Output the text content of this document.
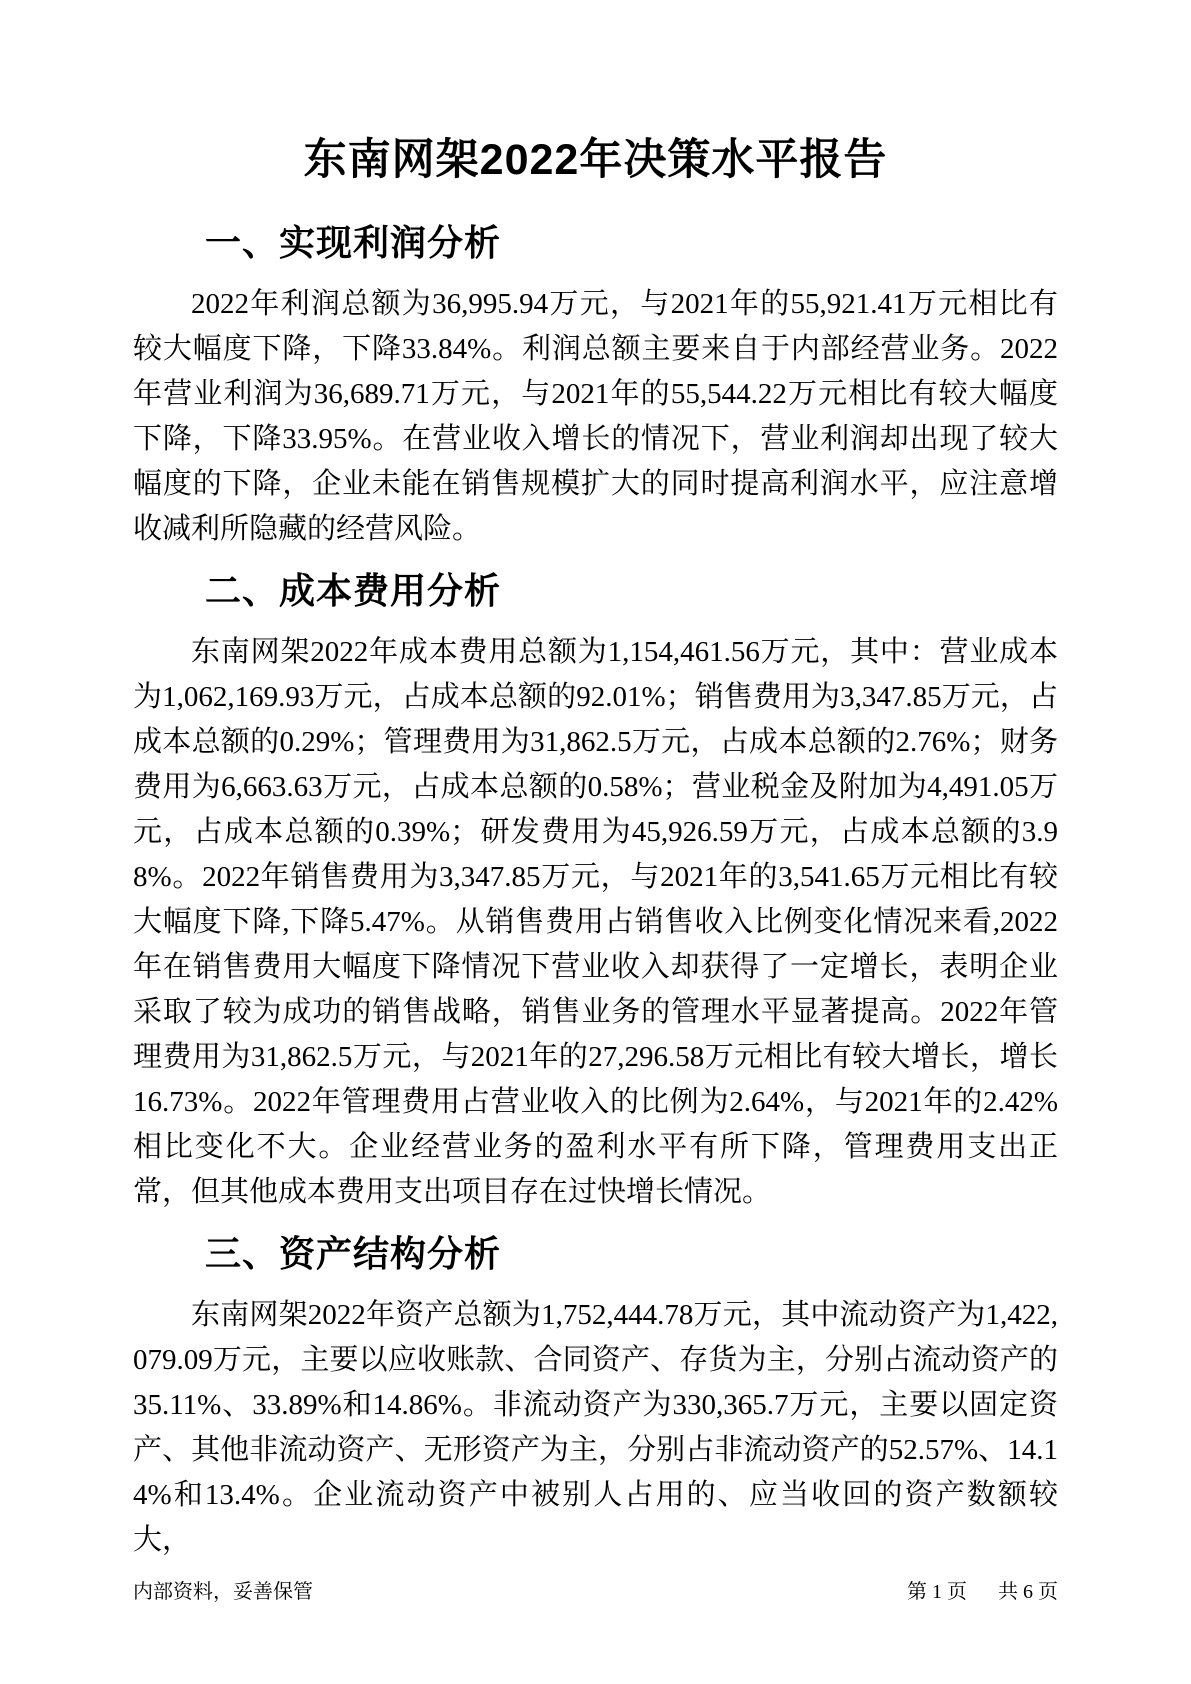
东南网架2022年决策水平报告
一、实现利润分析

2022年利润总额为36,995.94万元，与2021年的55,921.41万元相比有较大幅度下降，下降33.84%。利润总额主要来自于内部经营业务。2022年营业利润为36,689.71万元，与2021年的55,544.22万元相比有较大幅度下降，下降33.95%。在营业收入增长的情况下，营业利润却出现了较大幅度的下降，企业未能在销售规模扩大的同时提高利润水平，应注意增收减利所隐藏的经营风险。

二、成本费用分析

东南网架2022年成本费用总额为1,154,461.56万元，其中：营业成本为1,062,169.93万元，占成本总额的92.01%；销售费用为3,347.85万元，占成本总额的0.29%；管理费用为31,862.5万元，占成本总额的2.76%；财务费用为6,663.63万元，占成本总额的0.58%；营业税金及附加为4,491.05万元，占成本总额的0.39%；研发费用为45,926.59万元，占成本总额的3.98%。2022年销售费用为3,347.85万元，与2021年的3,541.65万元相比有较大幅度下降,下降5.47%。从销售费用占销售收入比例变化情况来看,2022年在销售费用大幅度下降情况下营业收入却获得了一定增长，表明企业采取了较为成功的销售战略，销售业务的管理水平显著提高。2022年管理费用为31,862.5万元，与2021年的27,296.58万元相比有较大增长，增长16.73%。2022年管理费用占营业收入的比例为2.64%，与2021年的2.42%相比变化不大。企业经营业务的盈利水平有所下降，管理费用支出正常，但其他成本费用支出项目存在过快增长情况。

三、资产结构分析

东南网架2022年资产总额为1,752,444.78万元，其中流动资产为1,422,079.09万元，主要以应收账款、合同资产、存货为主，分别占流动资产的35.11%、33.89%和14.86%。非流动资产为330,365.7万元，主要以固定资产、其他非流动资产、无形资产为主，分别占非流动资产的52.57%、14.14%和13.4%。企业流动资产中被别人占用的、应当收回的资产数额较大，

内部资料，妥善保管	第 1 页 共 6 页
